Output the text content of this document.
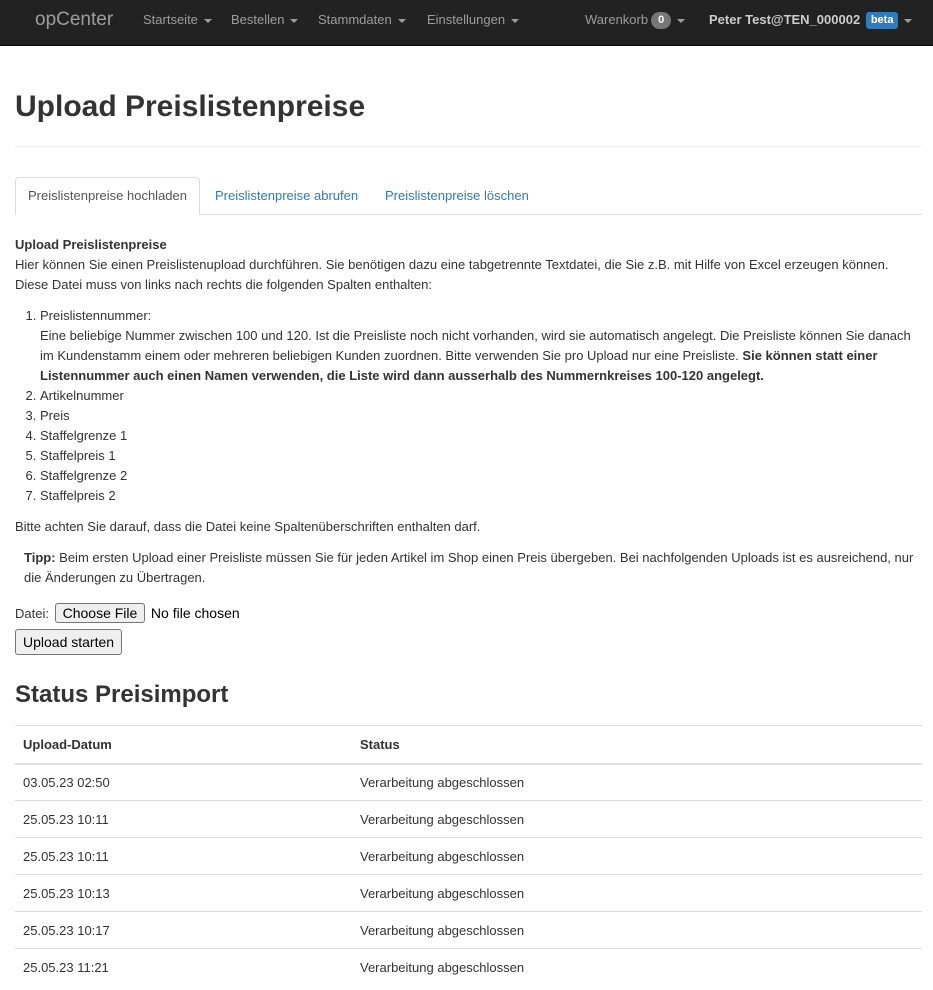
opCenter Startseite	Bestellen	Stammdaten	Einstellungen	Warenkorb 0	Peter Test@TEN_000002 beta
Upload Preislistenpreise
Preislistenpreise hochladen	Preislistenpreise abrufen	Preislistenpreise löschen
Upload Preislistenpreise
Hier können Sie einen Preislistenupload durchführen. Sie benötigen dazu eine tabgetrennte Textdatei, die Sie z.B. mit Hilfe von Excel erzeugen können. Diese Datei muss von links nach rechts die folgenden Spalten enthalten:
1. Preislistennummer:
Eine beliebige Nummer zwischen 100 und 120. Ist die Preisliste noch nicht vorhanden, wird sie automatisch angelegt. Die Preisliste können Sie danach im Kundenstamm einem oder mehreren beliebigen Kunden zuordnen. Bitte verwenden Sie pro Upload nur eine Preisliste. Sie können statt einer Listennummer auch einen Namen verwenden, die Liste wird dann ausserhalb des Nummernkreises 100-120 angelegt.
2. Artikelnummer
3. Preis
4. Staffelgrenze 1
5. Staffelpreis 1
6. Staffelgrenze 2
7. Staffelpreis 2
Bitte achten Sie darauf, dass die Datei keine Spaltenüberschriften enthalten darf.
Tipp: Beim ersten Upload einer Preisliste müssen Sie für jeden Artikel im Shop einen Preis übergeben. Bei nachfolgenden Uploads ist es ausreichend, nur die Änderungen zu Übertragen.
Datei: Choose File No file chosen
Upload starten
Status Preisimport
Upload-Datum	Status
03.05.23 02:50	Verarbeitung abgeschlossen
25.05.23 10:11	Verarbeitung abgeschlossen
25.05.23 10:11	Verarbeitung abgeschlossen
25.05.23 10:13	Verarbeitung abgeschlossen
25.05.23 10:17	Verarbeitung abgeschlossen
25.05.23 11:21	Verarbeitung abgeschlossen
